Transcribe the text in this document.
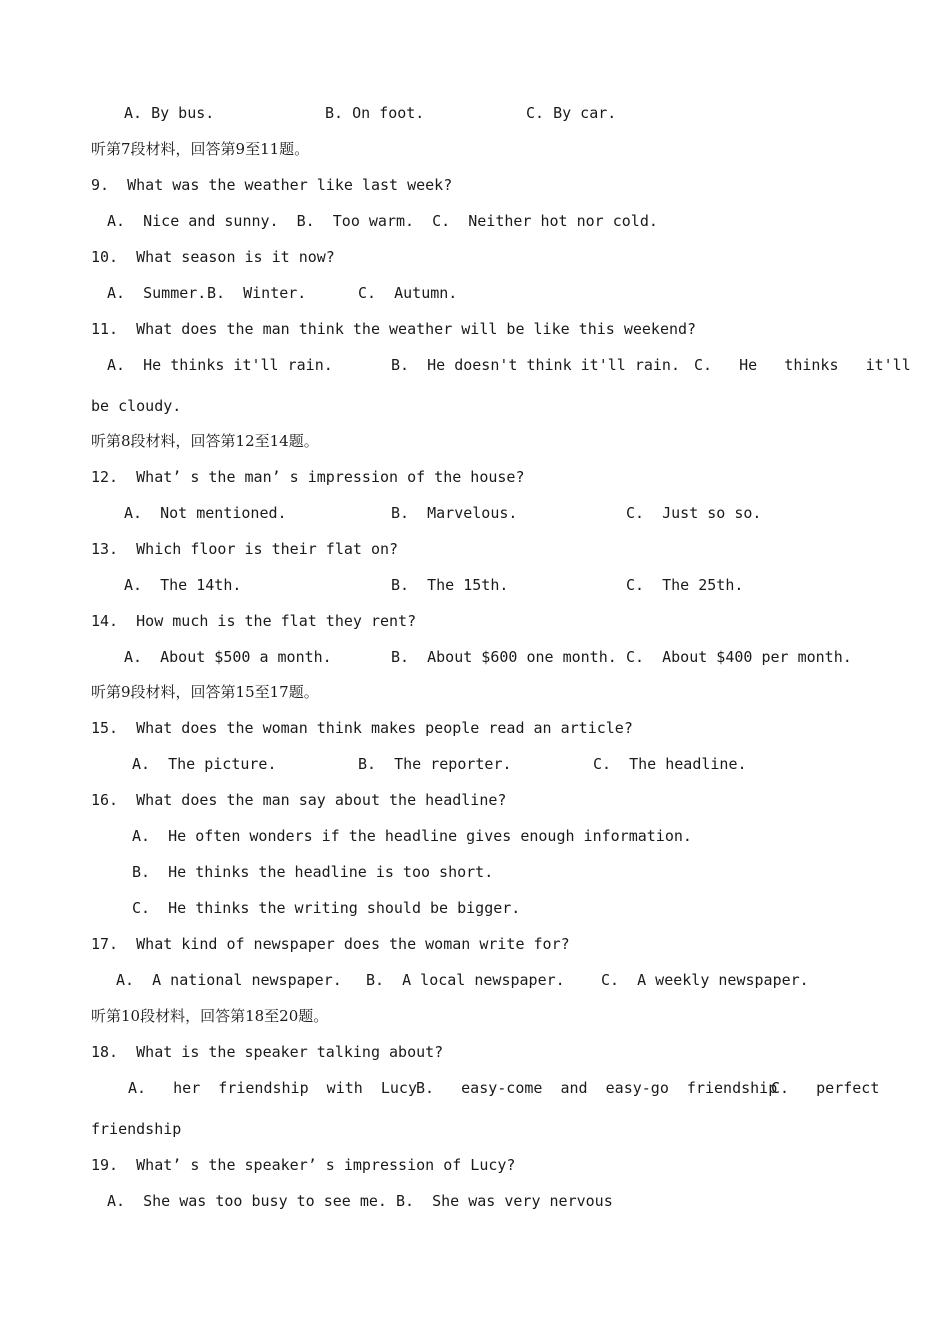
A. By bus.	B. On foot.	C. By car.
听第7段材料，回答第9至11题。
9.  What was the weather like last week?
A.  Nice and sunny.  B.  Too warm.  C.  Neither hot nor cold.
10.  What season is it now?
A.  Summer. B.  Winter.	C.  Autumn.
11.  What does the man think the weather will be like this weekend?
A.  He thinks it'll rain.	B.  He doesn't think it'll rain. C.   He   thinks   it'll
be cloudy.
听第8段材料，回答第12至14题。
12.  What’ s the man’ s impression of the house?
A.  Not mentioned.	B.  Marvelous.	C.  Just so so.
13.  Which floor is their flat on?
A.  The 14th.	B.  The 15th.	C.  The 25th.
14.  How much is the flat they rent?
A.  About $500 a month.	B.  About $600 one month. C.  About $400 per month.
听第9段材料，回答第15至17题。
15.  What does the woman think makes people read an article?
A.  The picture.	B.  The reporter.	C.  The headline.
16.  What does the man say about the headline?
A.  He often wonders if the headline gives enough information.
B.  He thinks the headline is too short.
C.  He thinks the writing should be bigger.
17.  What kind of newspaper does the woman write for?
A.  A national newspaper. B.  A local newspaper. C.  A weekly newspaper.
听第10段材料，回答第18至20题。
18.  What is the speaker talking about?
A.   her  friendship  with  Lucy B.   easy-come  and  easy-go  friendship
C.   perfect
friendship
19.  What’ s the speaker’ s impression of Lucy?
A.  She was too busy to see me. B.  She was very nervous
